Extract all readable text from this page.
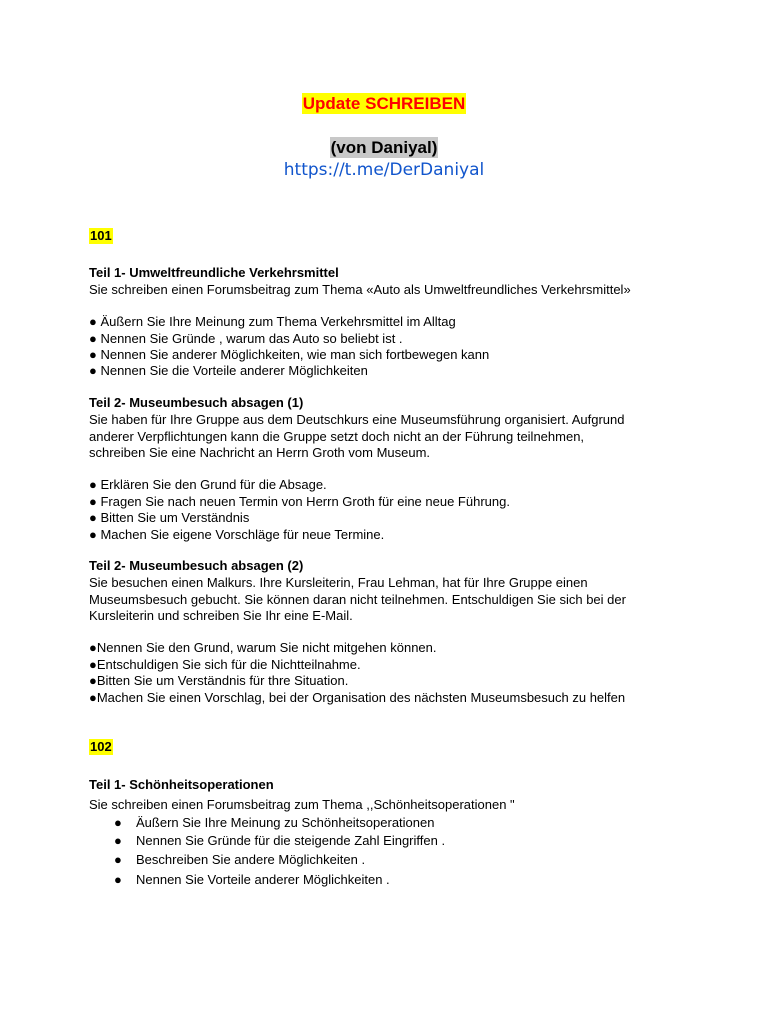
Update SCHREIBEN
(von Daniyal)
https://t.me/DerDaniyal
101
Teil 1- Umweltfreundliche Verkehrsmittel
Sie schreiben einen Forumsbeitrag zum Thema «Auto als Umweltfreundliches Verkehrsmittel»
● Äußern Sie Ihre Meinung zum Thema Verkehrsmittel im Alltag
● Nennen Sie Gründe , warum das Auto so beliebt ist .
● Nennen Sie anderer Möglichkeiten, wie man sich fortbewegen kann
● Nennen Sie die Vorteile anderer Möglichkeiten
Teil 2- Museumbesuch absagen (1)
Sie haben für Ihre Gruppe aus dem Deutschkurs eine Museumsführung organisiert. Aufgrund
anderer Verpflichtungen kann die Gruppe setzt doch nicht an der Führung teilnehmen,
schreiben Sie eine Nachricht an Herrn Groth vom Museum.
● Erklären Sie den Grund für die Absage.
● Fragen Sie nach neuen Termin von Herrn Groth für eine neue Führung.
● Bitten Sie um Verständnis
● Machen Sie eigene Vorschläge für neue Termine.
Teil 2- Museumbesuch absagen (2)
Sie besuchen einen Malkurs. Ihre Kursleiterin, Frau Lehman, hat für Ihre Gruppe einen
Museumsbesuch gebucht. Sie können daran nicht teilnehmen. Entschuldigen Sie sich bei der
Kursleiterin und schreiben Sie Ihr eine E-Mail.
●Nennen Sie den Grund, warum Sie nicht mitgehen können.
●Entschuldigen Sie sich für die Nichtteilnahme.
●Bitten Sie um Verständnis für thre Situation.
●Machen Sie einen Vorschlag, bei der Organisation des nächsten Museumsbesuch zu helfen
102
Teil 1- Schönheitsoperationen
Sie schreiben einen Forumsbeitrag zum Thema ,,Schönheitsoperationen "
● Äußern Sie Ihre Meinung zu Schönheitsoperationen
● Nennen Sie Gründe für die steigende Zahl Eingriffen .
● Beschreiben Sie andere Möglichkeiten .
● Nennen Sie Vorteile anderer Möglichkeiten .
